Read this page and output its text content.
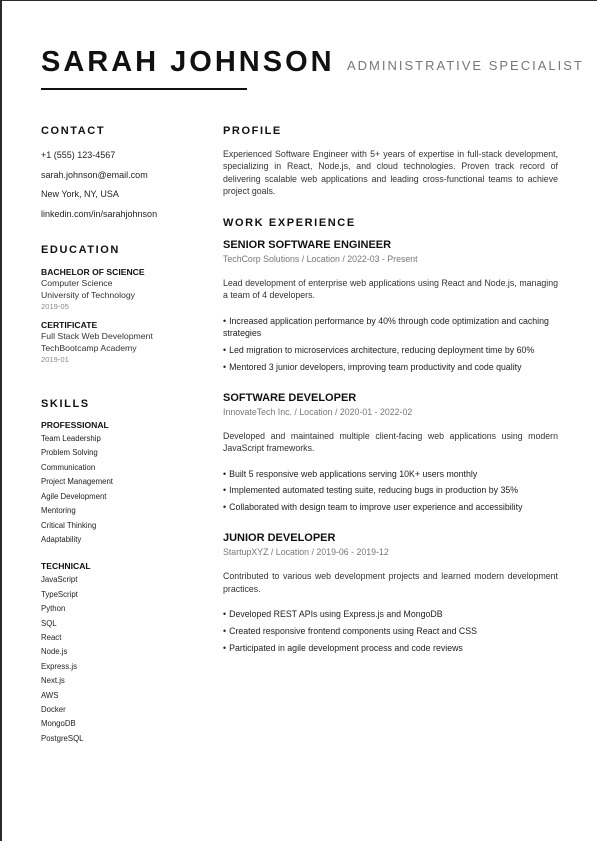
SARAH JOHNSON ADMINISTRATIVE SPECIALIST
CONTACT
+1 (555) 123-4567
sarah.johnson@email.com
New York, NY, USA
linkedin.com/in/sarahjohnson
EDUCATION
BACHELOR OF SCIENCE
Computer Science
University of Technology
2019-05
CERTIFICATE
Full Stack Web Development
TechBootcamp Academy
2019-01
SKILLS
PROFESSIONAL
Team Leadership
Problem Solving
Communication
Project Management
Agile Development
Mentoring
Critical Thinking
Adaptability
TECHNICAL
JavaScript
TypeScript
Python
SQL
React
Node.js
Express.js
Next.js
AWS
Docker
MongoDB
PostgreSQL
PROFILE

Experienced Software Engineer with 5+ years of expertise in full-stack development, specializing in React, Node.js, and cloud technologies. Proven track record of delivering scalable web applications and leading cross-functional teams to achieve project goals.

WORK EXPERIENCE
SENIOR SOFTWARE ENGINEER
TechCorp Solutions / Location / 2022-03 - Present

Lead development of enterprise web applications using React and Node.js, managing a team of 4 developers.

• Increased application performance by 40% through code optimization and caching strategies
• Led migration to microservices architecture, reducing deployment time by 60%
• Mentored 3 junior developers, improving team productivity and code quality
SOFTWARE DEVELOPER
InnovateTech Inc. / Location / 2020-01 - 2022-02

Developed and maintained multiple client-facing web applications using modern JavaScript frameworks.

• Built 5 responsive web applications serving 10K+ users monthly
• Implemented automated testing suite, reducing bugs in production by 35%
• Collaborated with design team to improve user experience and accessibility
JUNIOR DEVELOPER
StartupXYZ / Location / 2019-06 - 2019-12

Contributed to various web development projects and learned modern development practices.

• Developed REST APIs using Express.js and MongoDB
• Created responsive frontend components using React and CSS
• Participated in agile development process and code reviews
